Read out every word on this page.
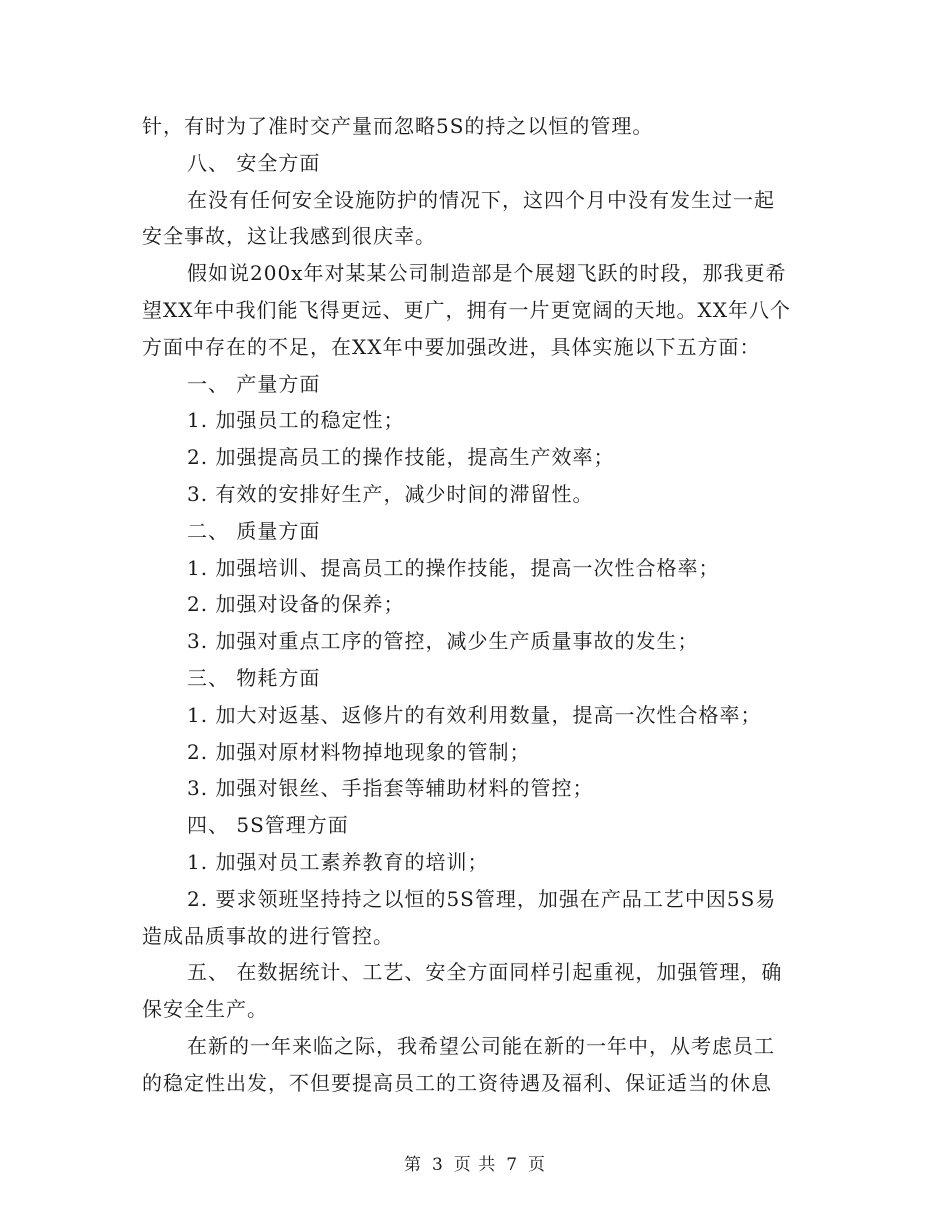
针，有时为了准时交产量而忽略5S的持之以恒的管理。
八、 安全方面
在没有任何安全设施防护的情况下，这四个月中没有发生过一起
安全事故，这让我感到很庆幸。
假如说200x年对某某公司制造部是个展翅飞跃的时段，那我更希
望XX年中我们能飞得更远、更广，拥有一片更宽阔的天地。XX年八个
方面中存在的不足，在XX年中要加强改进，具体实施以下五方面：
一、 产量方面
1. 加强员工的稳定性；
2. 加强提高员工的操作技能，提高生产效率；
3. 有效的安排好生产，减少时间的滞留性。
二、 质量方面
1. 加强培训、提高员工的操作技能，提高一次性合格率；
2. 加强对设备的保养；
3. 加强对重点工序的管控，减少生产质量事故的发生；
三、 物耗方面
1. 加大对返基、返修片的有效利用数量，提高一次性合格率；
2. 加强对原材料物掉地现象的管制；
3. 加强对银丝、手指套等辅助材料的管控；
四、 5S管理方面
1. 加强对员工素养教育的培训；
2. 要求领班坚持持之以恒的5S管理，加强在产品工艺中因5S易
造成品质事故的进行管控。
五、 在数据统计、工艺、安全方面同样引起重视，加强管理，确
保安全生产。
在新的一年来临之际，我希望公司能在新的一年中，从考虑员工
的稳定性出发，不但要提高员工的工资待遇及福利、保证适当的休息
第 3 页 共 7 页
